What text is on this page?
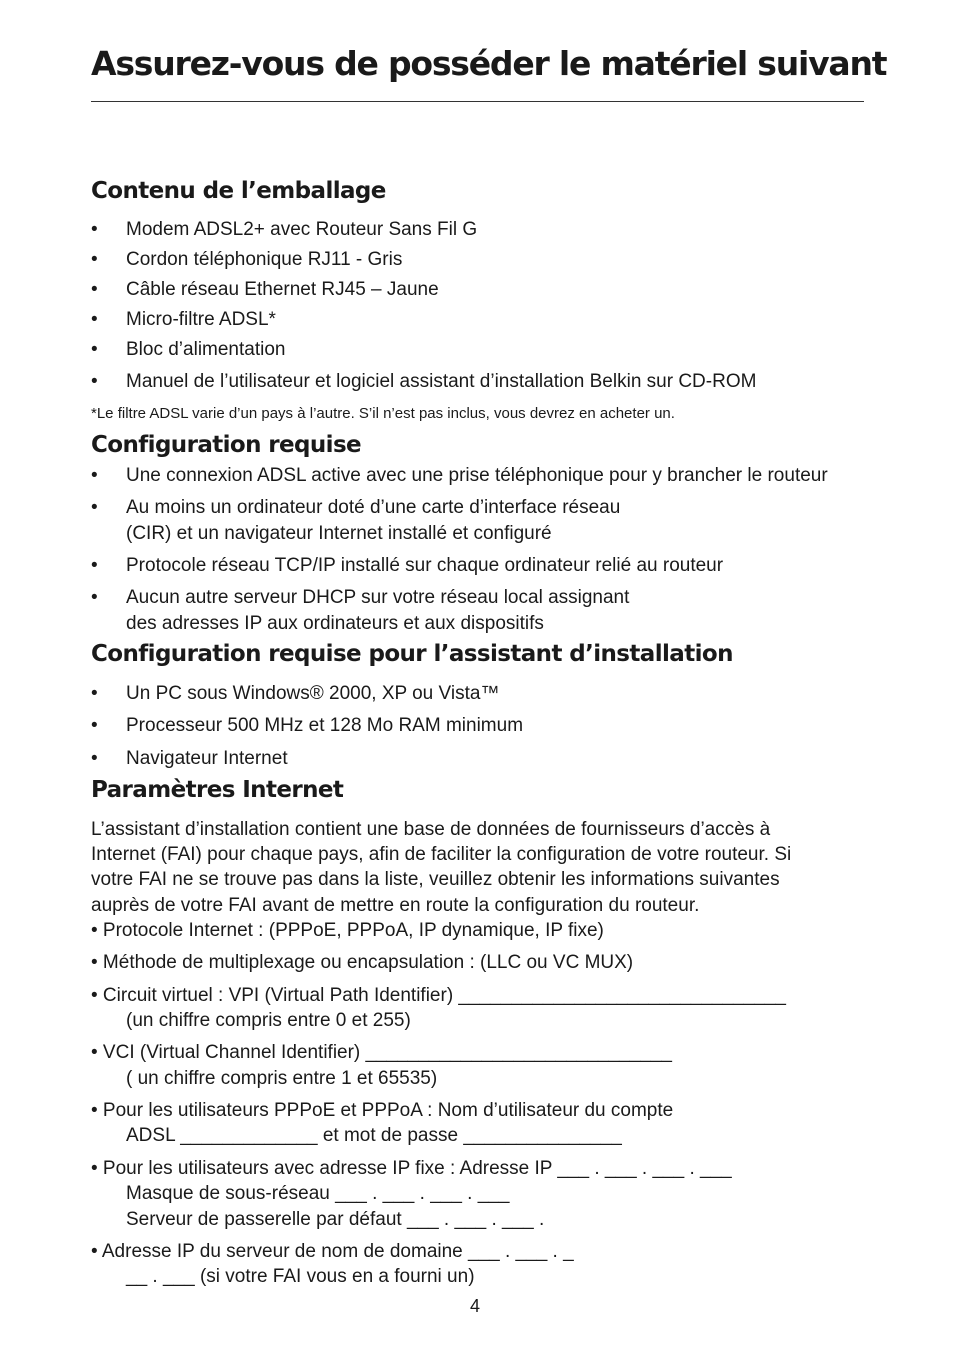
Assurez-vous de posséder le matériel suivant
Contenu de l’emballage
• Modem ADSL2+ avec Routeur Sans Fil G
• Cordon téléphonique RJ11 - Gris
• Câble réseau Ethernet RJ45 – Jaune
• Micro-filtre ADSL*
• Bloc d’alimentation
• Manuel de l’utilisateur et logiciel assistant d’installation Belkin sur CD-ROM
*Le filtre ADSL varie d’un pays à l’autre. S’il n’est pas inclus, vous devrez en acheter un.
Configuration requise
• Une connexion ADSL active avec une prise téléphonique pour y brancher le routeur
• Au moins un ordinateur doté d’une carte d’interface réseau
(CIR) et un navigateur Internet installé et configuré
• Protocole réseau TCP/IP installé sur chaque ordinateur relié au routeur
• Aucun autre serveur DHCP sur votre réseau local assignant
des adresses IP aux ordinateurs et aux dispositifs
Configuration requise pour l’assistant d’installation
• Un PC sous Windows® 2000, XP ou Vista™
• Processeur 500 MHz et 128 Mo RAM minimum
• Navigateur Internet
Paramètres Internet
L’assistant d’installation contient une base de données de fournisseurs d’accès à
Internet (FAI) pour chaque pays, afin de faciliter la configuration de votre routeur. Si
votre FAI ne se trouve pas dans la liste, veuillez obtenir les informations suivantes
auprès de votre FAI avant de mettre en route la configuration du routeur.
• Protocole Internet : (PPPoE, PPPoA, IP dynamique, IP fixe)
• Méthode de multiplexage ou encapsulation : (LLC ou VC MUX)
• Circuit virtuel : VPI (Virtual Path Identifier) _______________________________
(un chiffre compris entre 0 et 255)
• VCI (Virtual Channel Identifier) _____________________________
( un chiffre compris entre 1 et 65535)
• Pour les utilisateurs PPPoE et PPPoA : Nom d’utilisateur du compte
ADSL _____________ et mot de passe _______________
• Pour les utilisateurs avec adresse IP fixe : Adresse IP ___ . ___ . ___ . ___
Masque de sous-réseau ___ . ___ . ___ . ___
Serveur de passerelle par défaut ___ . ___ . ___ .
• Adresse IP du serveur de nom de domaine ___ . ___ . _
__ . ___ (si votre FAI vous en a fourni un)
4
